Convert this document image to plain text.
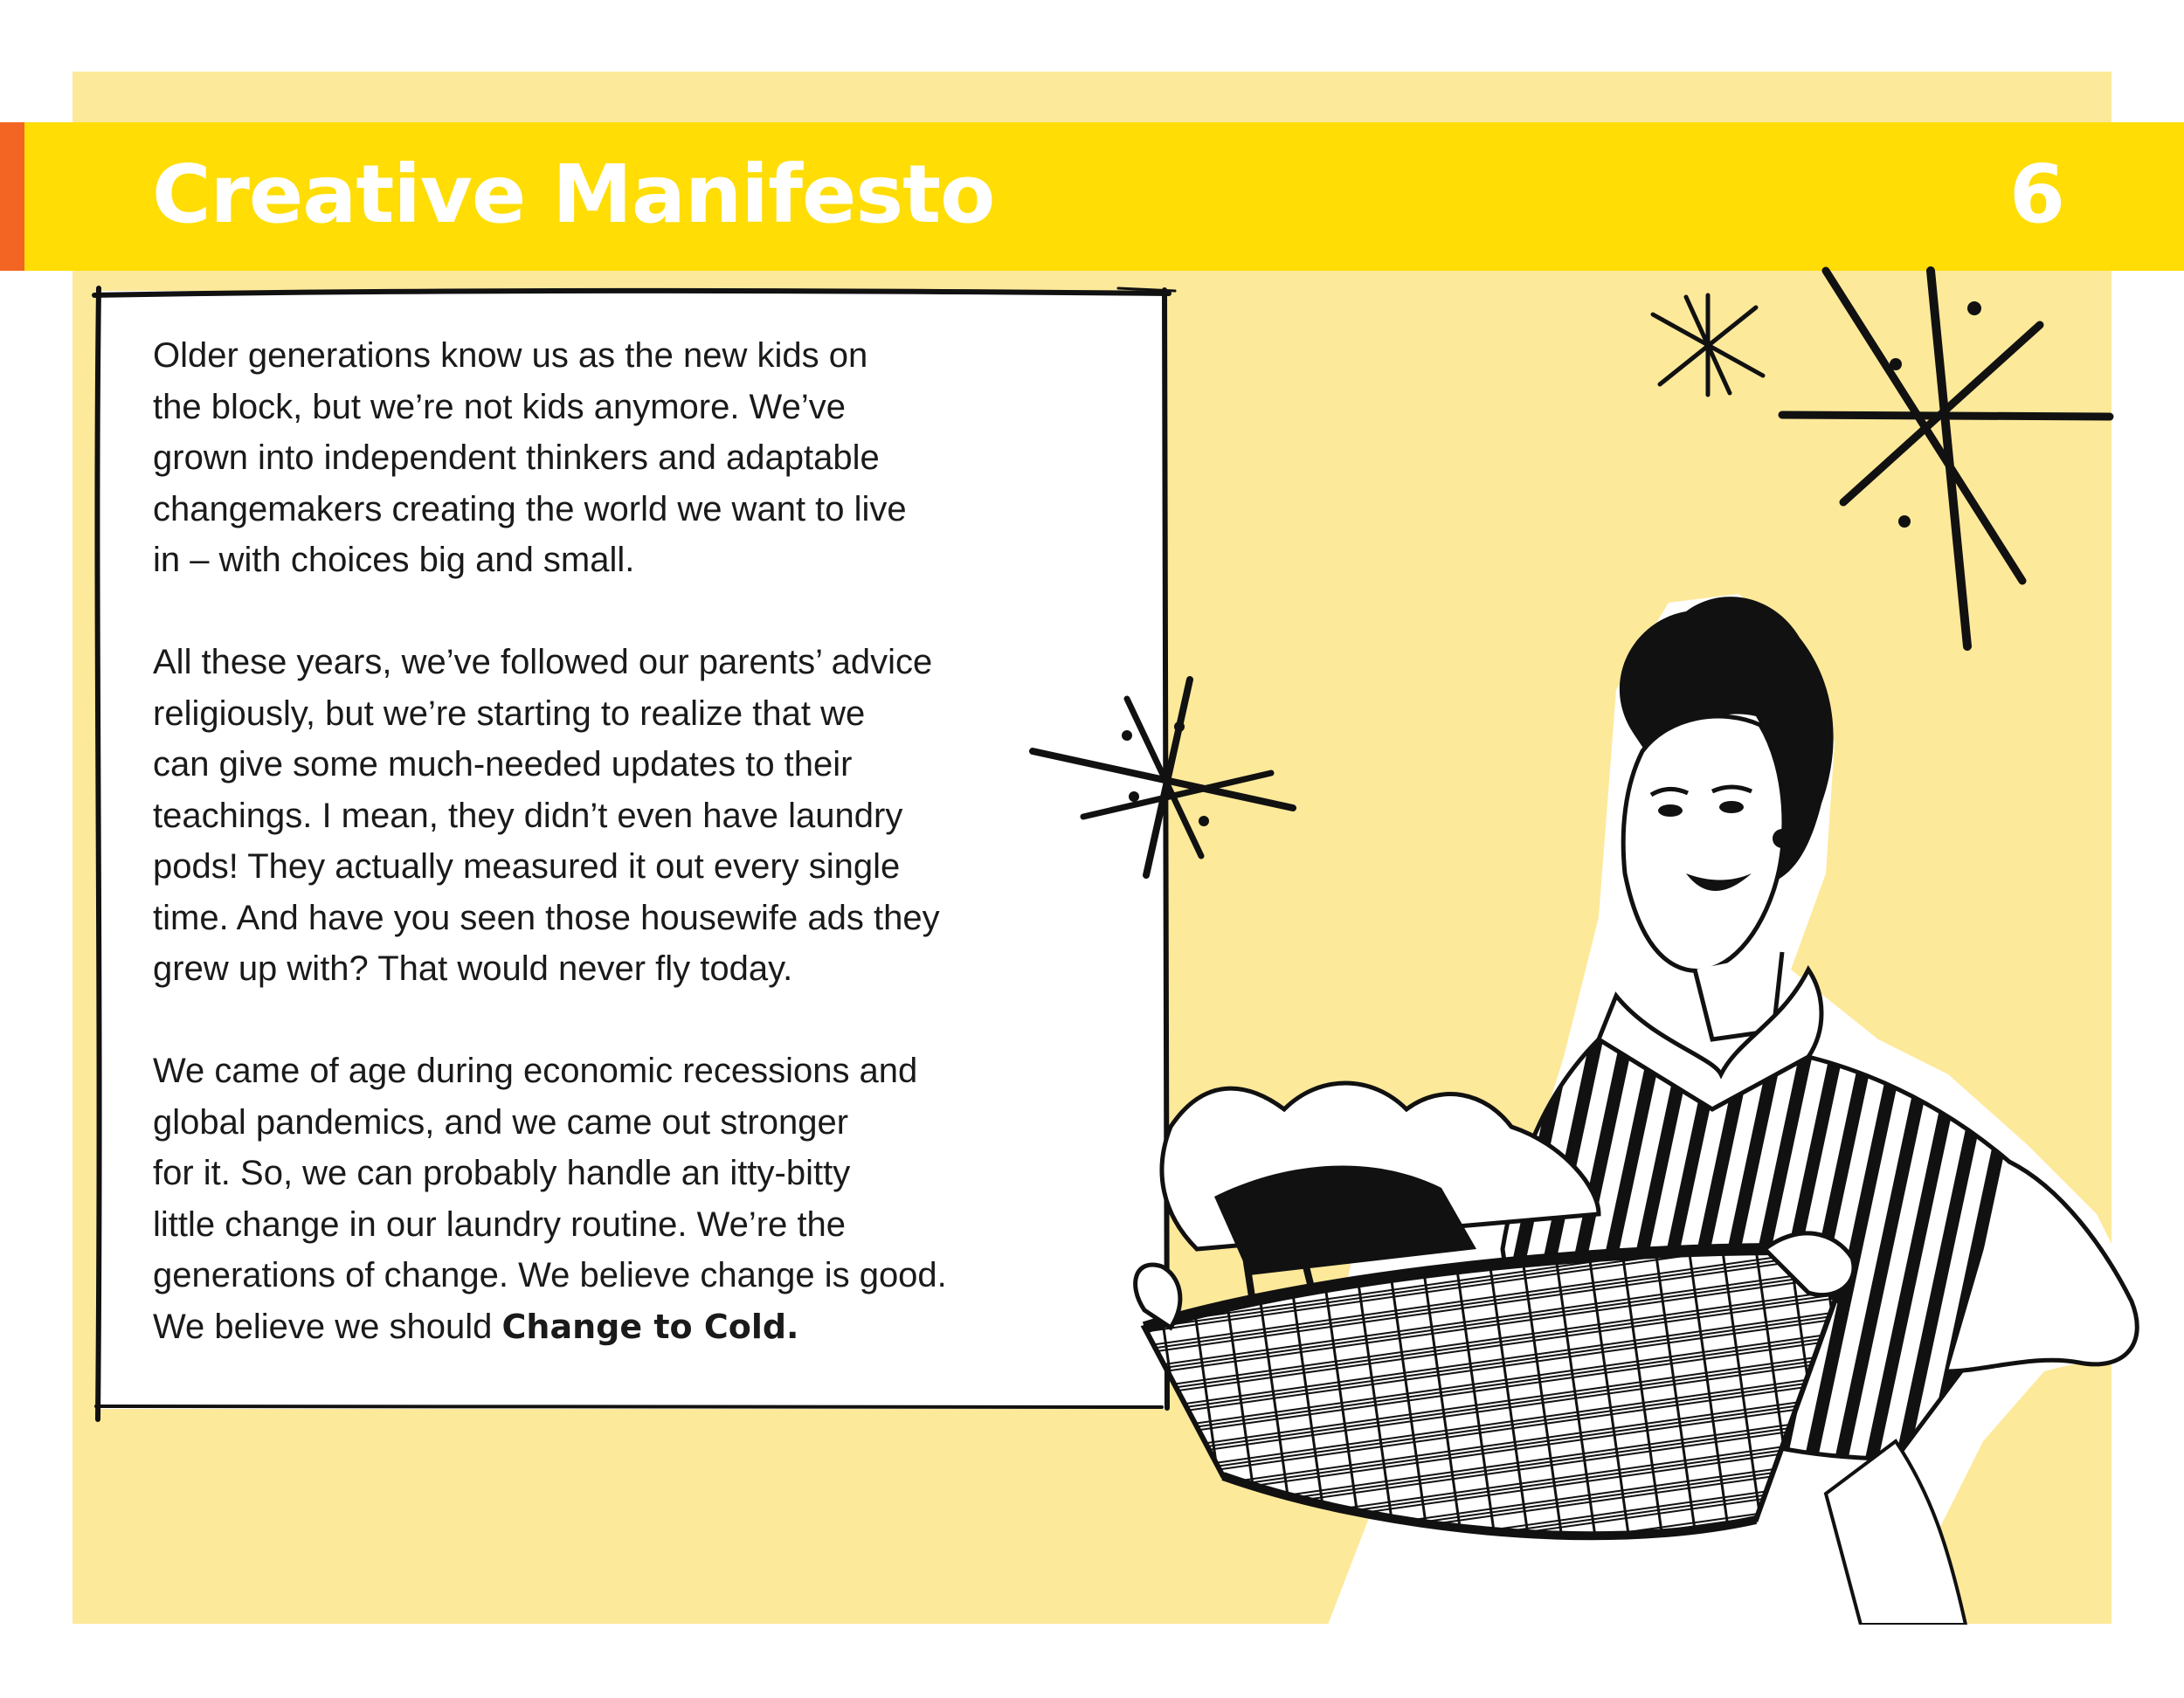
Creative Manifesto	6

Older generations know us as the new kids on
the block, but we’re not kids anymore. We’ve
grown into independent thinkers and adaptable
changemakers creating the world we want to live
in – with choices big and small.

All these years, we’ve followed our parents’ advice
religiously, but we’re starting to realize that we
can give some much-needed updates to their
teachings. I mean, they didn’t even have laundry
pods! They actually measured it out every single
time. And have you seen those housewife ads they
grew up with? That would never fly today.

We came of age during economic recessions and
global pandemics, and we came out stronger
for it. So, we can probably handle an itty-bitty
little change in our laundry routine. We’re the
generations of change. We believe change is good.
We believe we should Change to Cold.
